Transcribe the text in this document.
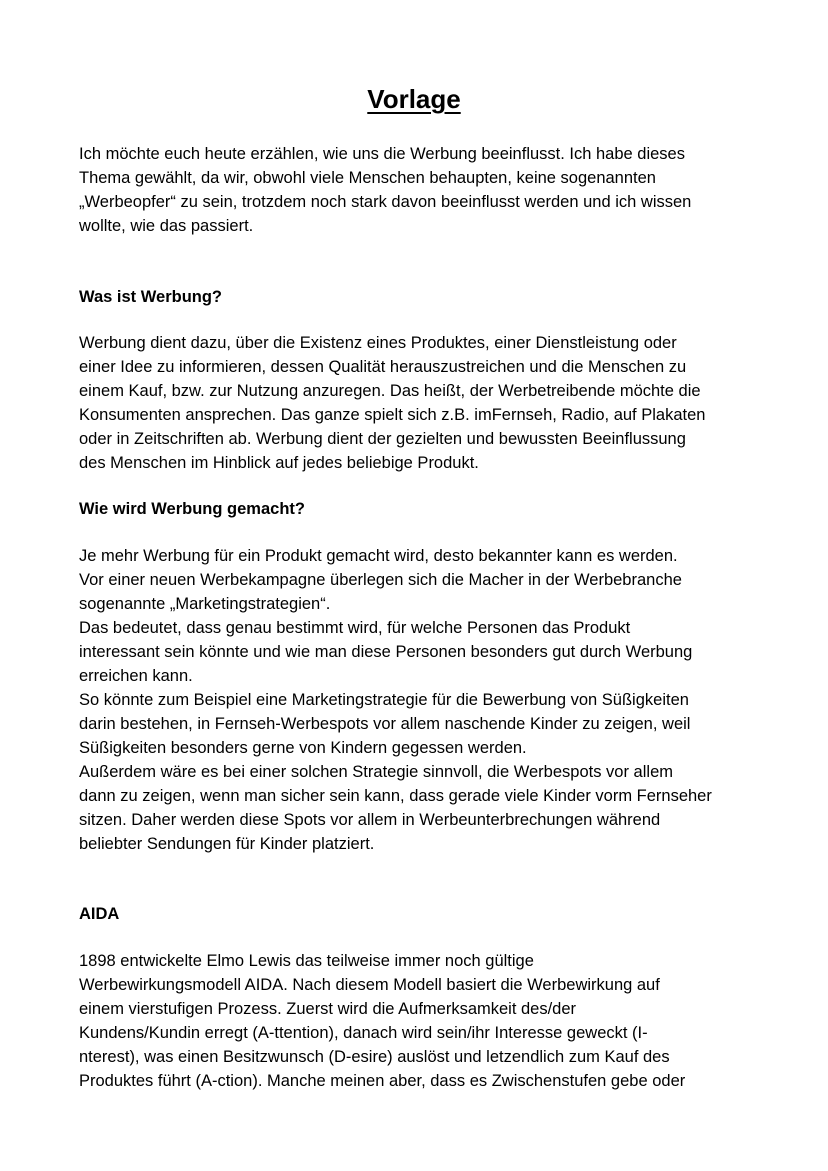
Vorlage

Ich möchte euch heute erzählen, wie uns die Werbung beeinflusst. Ich habe dieses
Thema gewählt, da wir, obwohl viele Menschen behaupten, keine sogenannten
„Werbeopfer“ zu sein, trotzdem noch stark davon beeinflusst werden und ich wissen
wollte, wie das passiert.

Was ist Werbung?

Werbung dient dazu, über die Existenz eines Produktes, einer Dienstleistung oder
einer Idee zu informieren, dessen Qualität herauszustreichen und die Menschen zu
einem Kauf, bzw. zur Nutzung anzuregen. Das heißt, der Werbetreibende möchte die
Konsumenten ansprechen. Das ganze spielt sich z.B. imFernseh, Radio, auf Plakaten
oder in Zeitschriften ab. Werbung dient der gezielten und bewussten Beeinflussung
des Menschen im Hinblick auf jedes beliebige Produkt.

Wie wird Werbung gemacht?

Je mehr Werbung für ein Produkt gemacht wird, desto bekannter kann es werden.
Vor einer neuen Werbekampagne überlegen sich die Macher in der Werbebranche
sogenannte „Marketingstrategien“.
Das bedeutet, dass genau bestimmt wird, für welche Personen das Produkt
interessant sein könnte und wie man diese Personen besonders gut durch Werbung
erreichen kann.
So könnte zum Beispiel eine Marketingstrategie für die Bewerbung von Süßigkeiten
darin bestehen, in Fernseh-Werbespots vor allem naschende Kinder zu zeigen, weil
Süßigkeiten besonders gerne von Kindern gegessen werden.
Außerdem wäre es bei einer solchen Strategie sinnvoll, die Werbespots vor allem
dann zu zeigen, wenn man sicher sein kann, dass gerade viele Kinder vorm Fernseher
sitzen. Daher werden diese Spots vor allem in Werbeunterbrechungen während
beliebter Sendungen für Kinder platziert.

AIDA

1898 entwickelte Elmo Lewis das teilweise immer noch gültige
Werbewirkungsmodell AIDA. Nach diesem Modell basiert die Werbewirkung auf
einem vierstufigen Prozess. Zuerst wird die Aufmerksamkeit des/der
Kundens/Kundin erregt (A-ttention), danach wird sein/ihr Interesse geweckt (I-
nterest), was einen Besitzwunsch (D-esire) auslöst und letzendlich zum Kauf des
Produktes führt (A-ction). Manche meinen aber, dass es Zwischenstufen gebe oder
